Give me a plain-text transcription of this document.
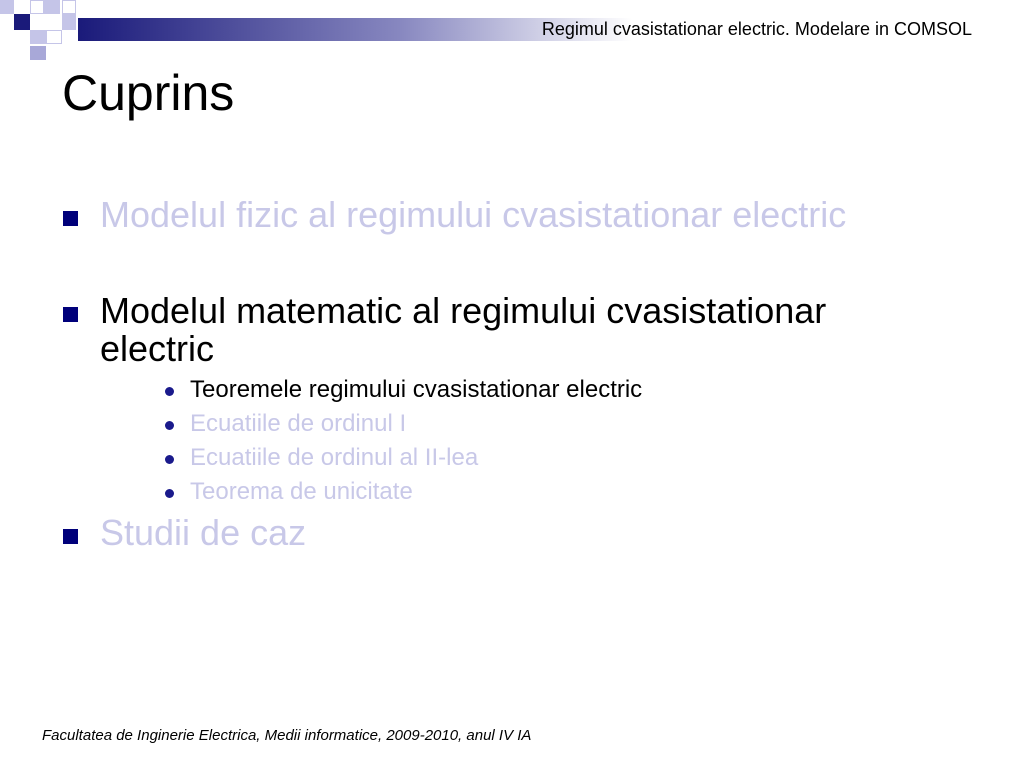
Regimul cvasistationar electric. Modelare in COMSOL
Cuprins
Modelul fizic al regimului cvasistationar electric
Modelul matematic al regimului cvasistationar
electric
Teoremele regimului cvasistationar electric
Ecuatiile de ordinul I
Ecuatiile de ordinul al II-lea
Teorema de unicitate
Studii de caz
Facultatea de Inginerie Electrica, Medii informatice, 2009-2010, anul IV IA
